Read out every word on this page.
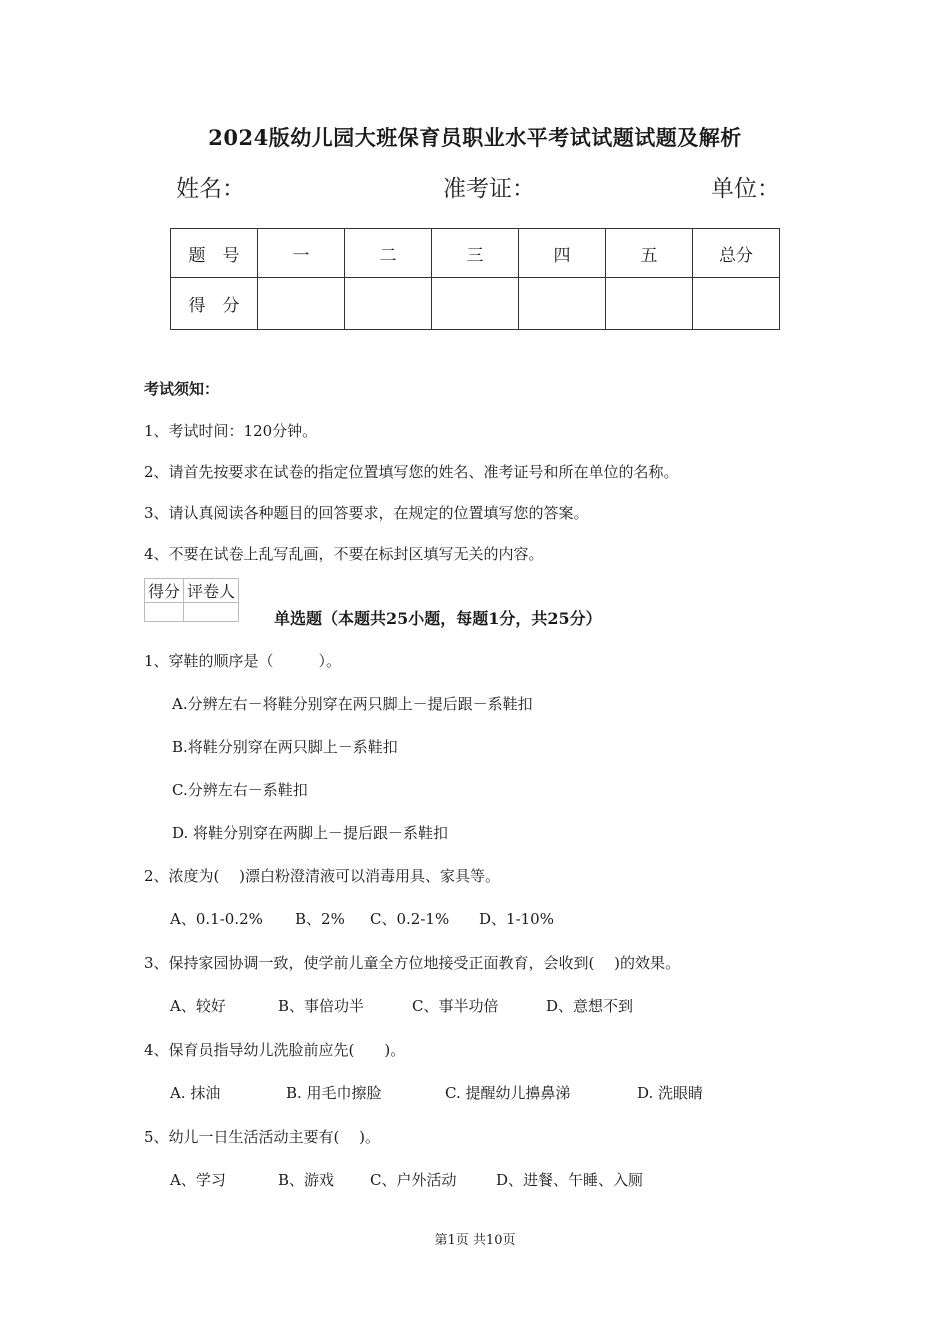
2024版幼儿园大班保育员职业水平考试试题试题及解析
姓名：	准考证：	单位：
题　号	一	二	三	四	五	总分
得　分						
考试须知：
1、考试时间：120分钟。
2、请首先按要求在试卷的指定位置填写您的姓名、准考证号和所在单位的名称。
3、请认真阅读各种题目的回答要求，在规定的位置填写您的答案。
4、不要在试卷上乱写乱画，不要在标封区填写无关的内容。
得分	评卷人

单选题（本题共25小题，每题1分，共25分）
1、穿鞋的顺序是（　　　）。
A.分辨左右－将鞋分别穿在两只脚上－提后跟－系鞋扣
B.将鞋分别穿在两只脚上－系鞋扣
C.分辨左右－系鞋扣
D. 将鞋分别穿在两脚上－提后跟－系鞋扣
2、浓度为(　 )漂白粉澄清液可以消毒用具、家具等。
A、0.1-0.2% B、2% C、0.2-1% D、1-10%
3、保持家园协调一致，使学前儿童全方位地接受正面教育，会收到(　 )的效果。
A、较好	B、事倍功半	C、事半功倍	D、意想不到
4、保育员指导幼儿洗脸前应先(　　)。
A. 抹油	B. 用毛巾擦脸	C. 提醒幼儿擤鼻涕	D. 洗眼睛
5、幼儿一日生活活动主要有(　 )。
A、学习	B、游戏 C、户外活动	D、进餐、午睡、入厕
第1页 共10页
